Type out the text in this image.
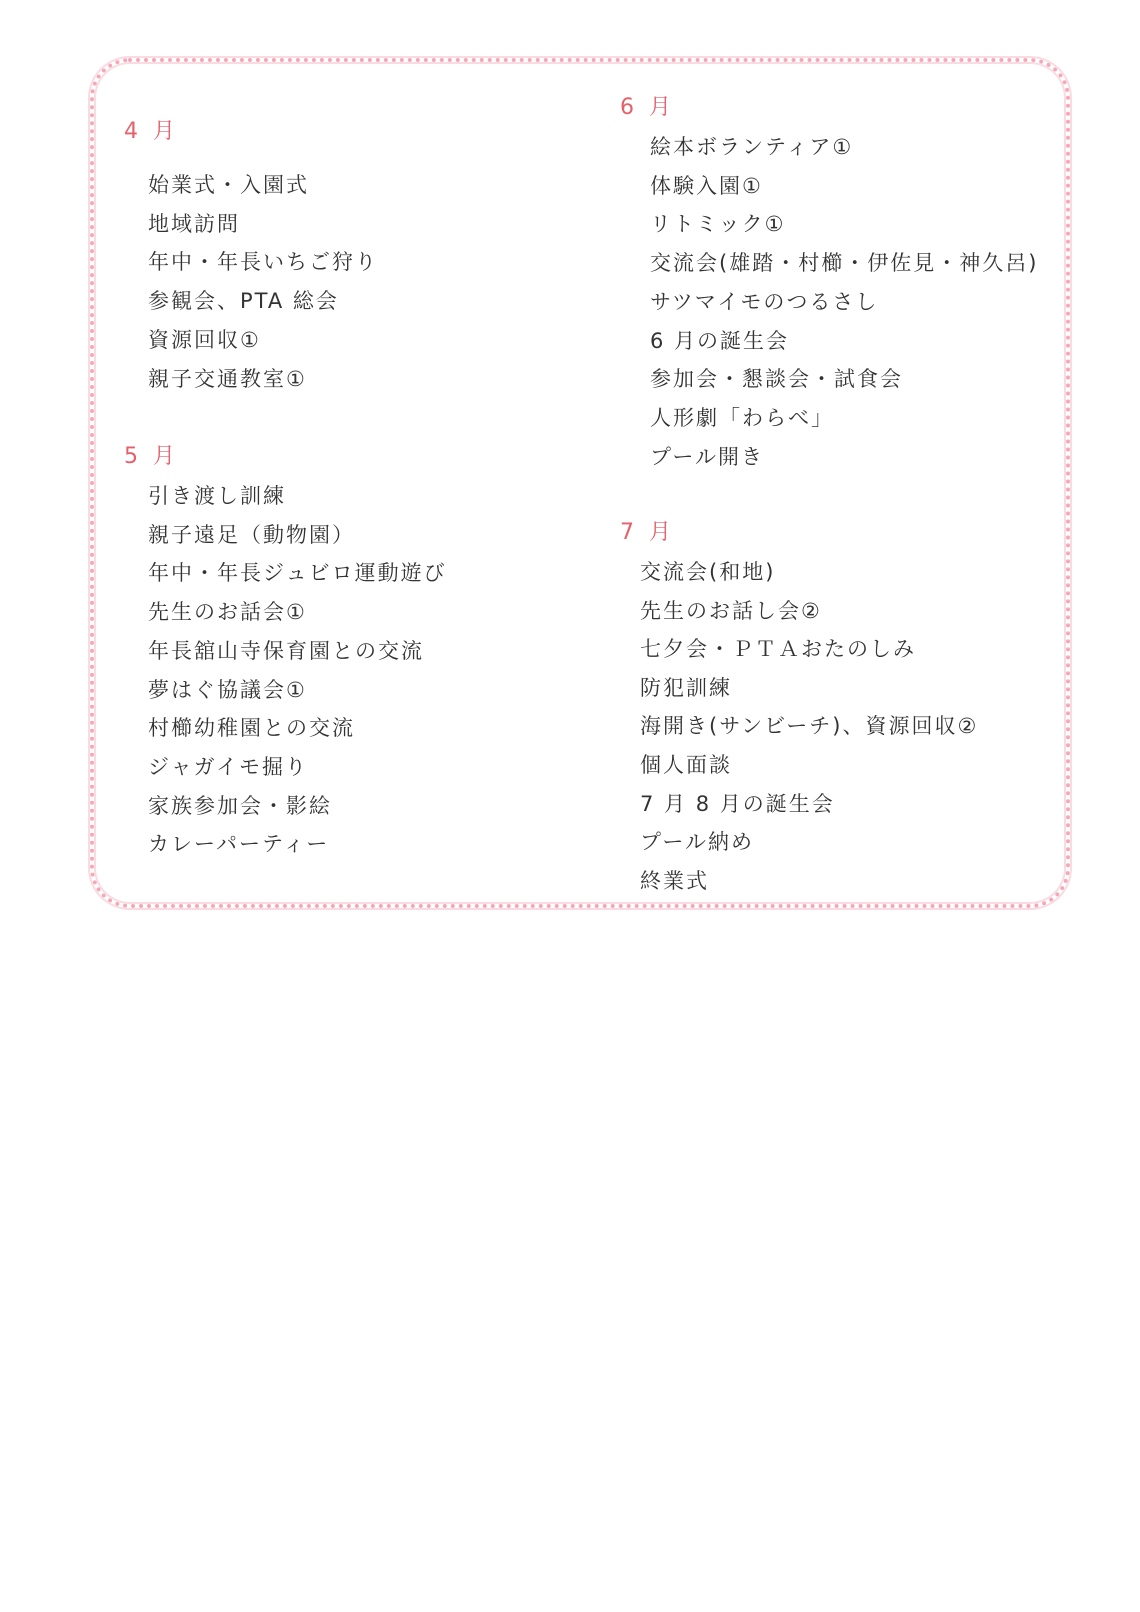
4 月
始業式・入園式
地域訪問
年中・年長いちご狩り
参観会、PTA 総会
資源回収①
親子交通教室①
5 月
引き渡し訓練
親子遠足（動物園）
年中・年長ジュビロ運動遊び
先生のお話会①
年長舘山寺保育園との交流
夢はぐ協議会①
村櫛幼稚園との交流
ジャガイモ掘り
家族参加会・影絵
カレーパーティー
6 月
絵本ボランティア①
体験入園①
リトミック①
交流会(雄踏・村櫛・伊佐見・神久呂)
サツマイモのつるさし
6 月の誕生会
参加会・懇談会・試食会
人形劇「わらべ」
プール開き
7 月
交流会(和地)
先生のお話し会②
七夕会・ＰＴＡおたのしみ
防犯訓練
海開き(サンビーチ)、資源回収②
個人面談
7 月 8 月の誕生会
プール納め
終業式
